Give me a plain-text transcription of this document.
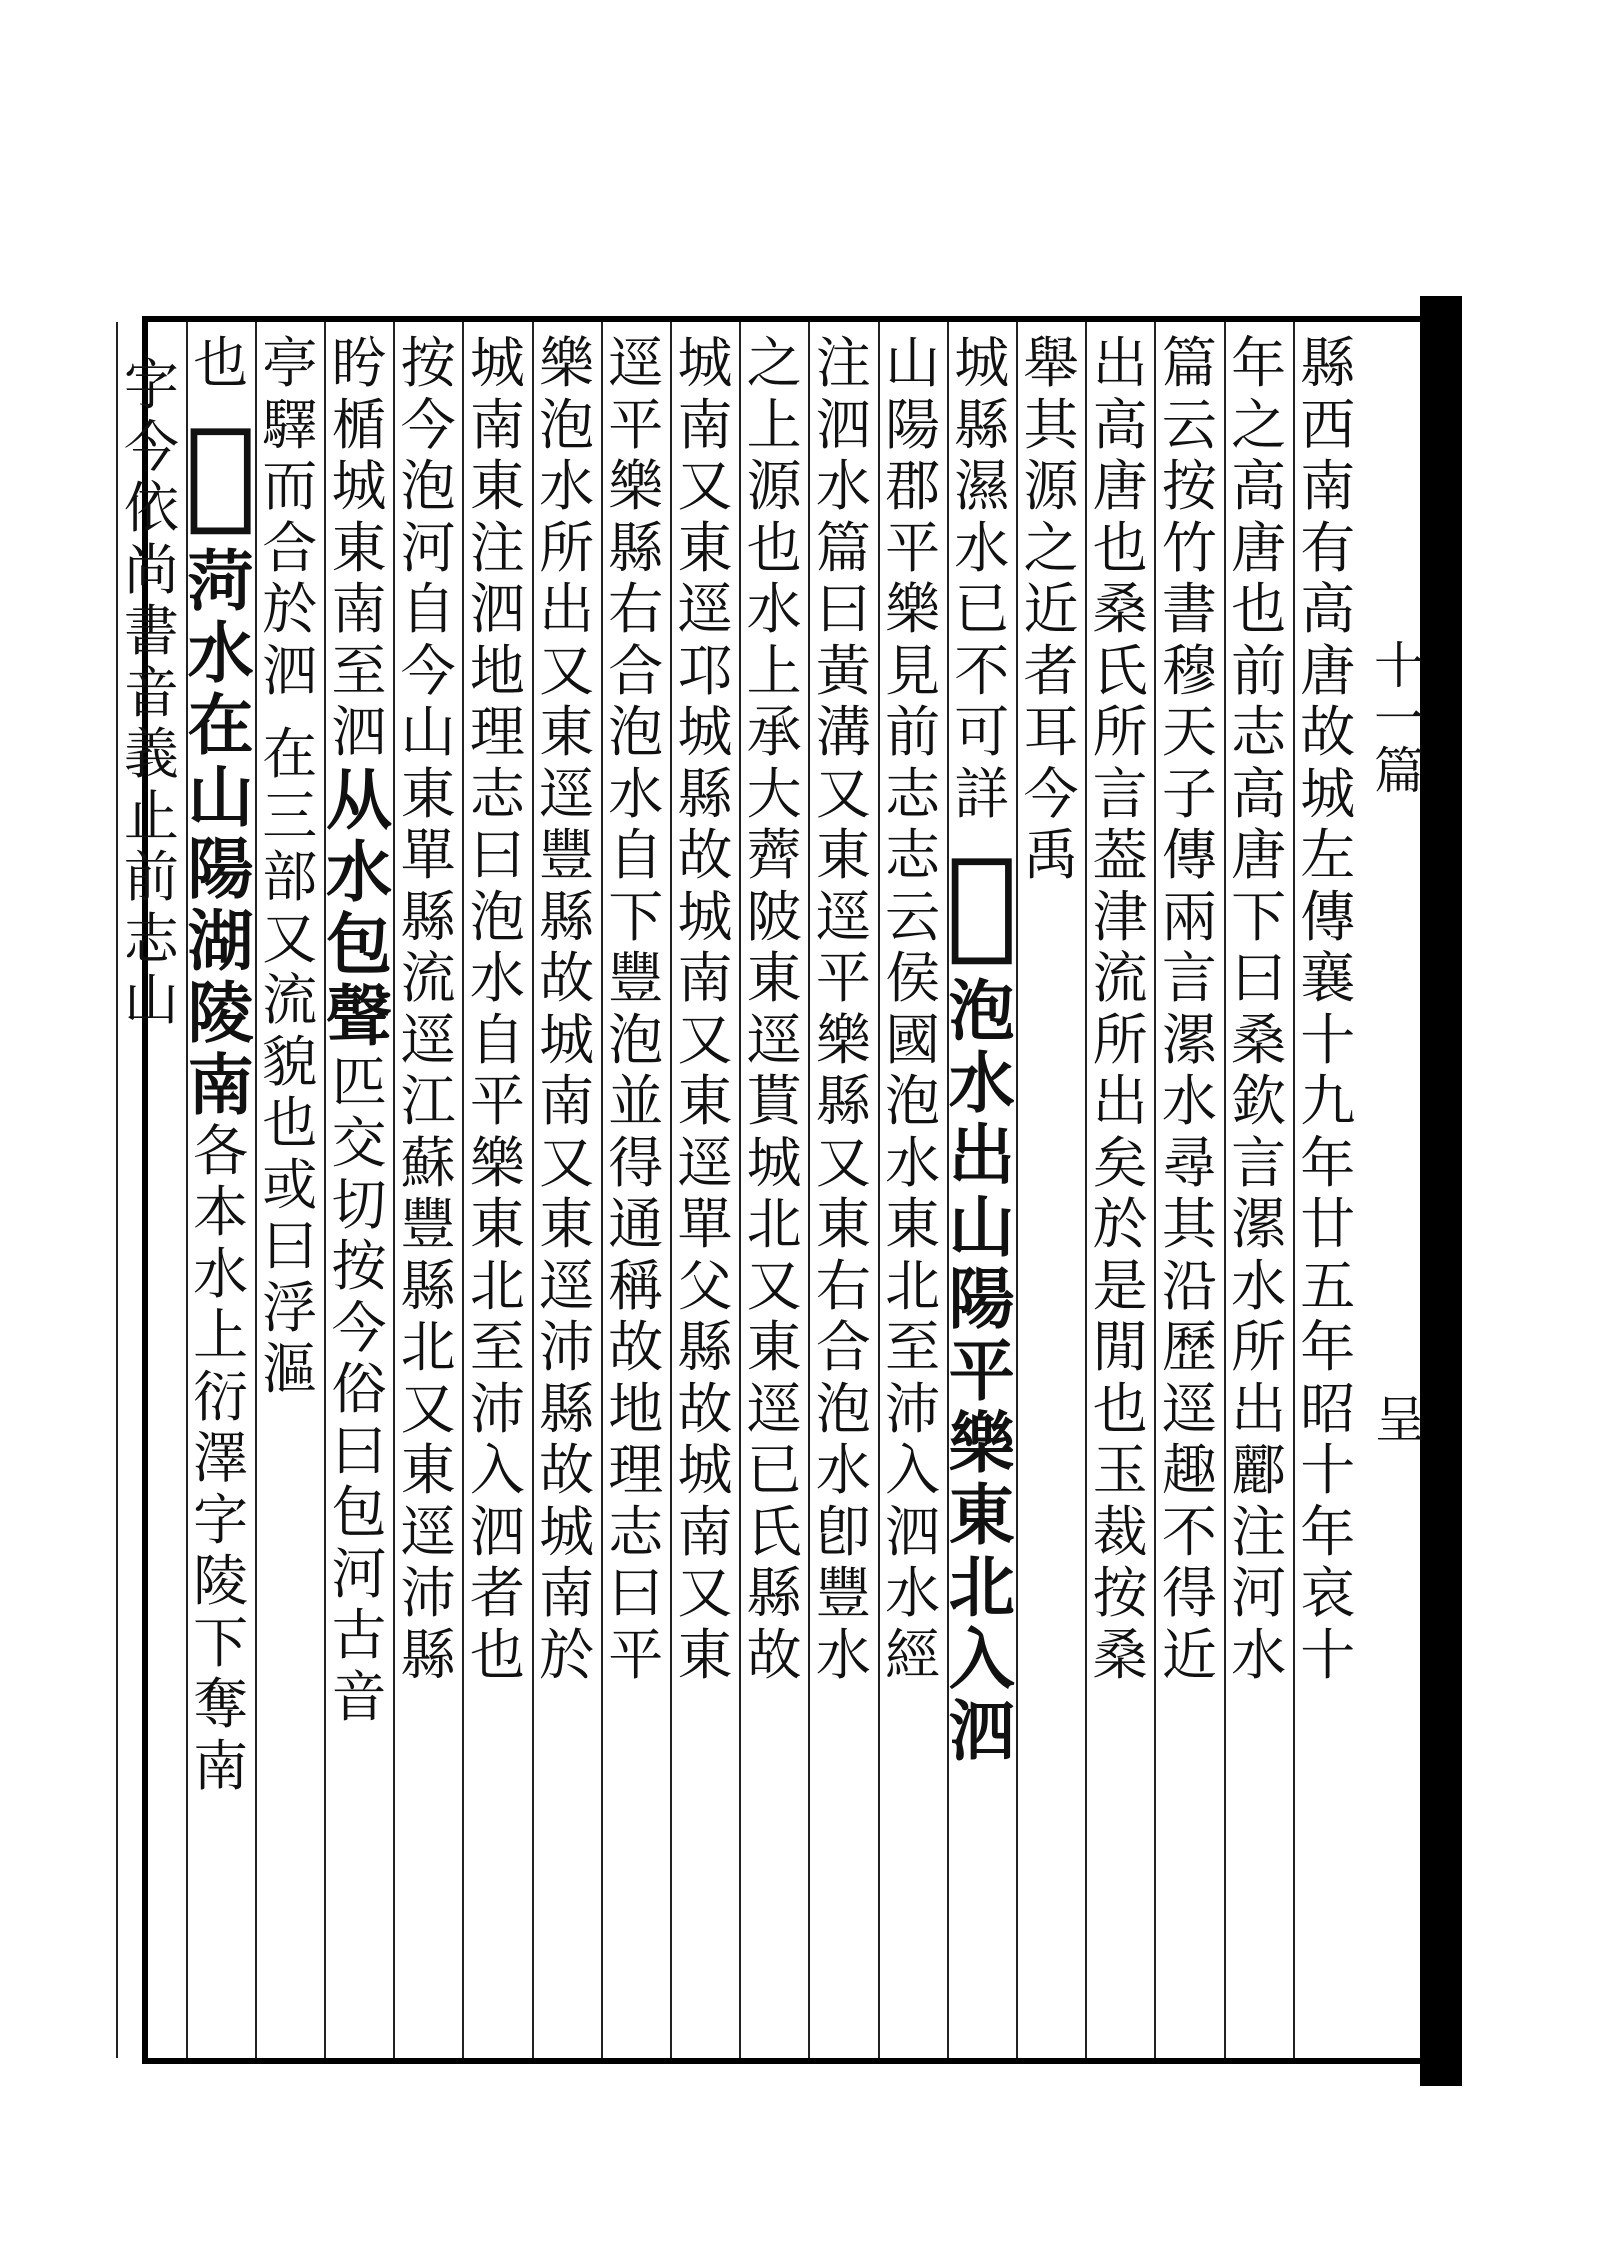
十
一
篇
呈
縣
西
南
有
高
唐
故
城
左
傳
襄
十
九
年
廿
五
年
昭
十
年
哀
十
年
之
高
唐
也
前
志
高
唐
下
曰
桑
欽
言
漯
水
所
出
酈
注
河
水
篇
云
按
竹
書
穆
天
子
傳
兩
言
漯
水
尋
其
沿
歷
逕
趣
不
得
近
出
高
唐
也
桑
氏
所
言
葢
津
流
所
出
矣
於
是
閒
也
玉
裁
按
桑
舉
其
源
之
近
者
耳
今
禹
城
縣
濕
水
已
不
可
詳
𣲖
泡
水
出
山
陽
平
樂
東
北
入
泗
山
陽
郡
平
樂
見
前
志
志
云
侯
國
泡
水
東
北
至
沛
入
泗
水
經
注
泗
水
篇
曰
黃
溝
又
東
逕
平
樂
縣
又
東
右
合
泡
水
卽
豐
水
之
上
源
也
水
上
承
大
薺
陂
東
逕
貰
城
北
又
東
逕
已
氏
縣
故
城
南
又
東
逕
邛
城
縣
故
城
南
又
東
逕
單
父
縣
故
城
南
又
東
逕
平
樂
縣
右
合
泡
水
自
下
豐
泡
並
得
通
稱
故
地
理
志
曰
平
樂
泡
水
所
出
又
東
逕
豐
縣
故
城
南
又
東
逕
沛
縣
故
城
南
於
城
南
東
注
泗
地
理
志
曰
泡
水
自
平
樂
東
北
至
沛
入
泗
者
也
按
今
泡
河
自
今
山
東
單
縣
流
逕
江
蘇
豐
縣
北
又
東
逕
沛
縣
盻
楯
城
東
南
至
泗
从
水
包
聲
匹
交
切
按
今
俗
曰
包
河
古
音
亭
驛
而
合
於
泗
在
三
部
又
流
貌
也
或
曰
浮
漚
也
𣷄
菏
水
在
山
陽
湖
陵
南
各
本
水
上
衍
澤
字
陵
下
奪
南
字
今
依
尚
書
音
義
止
前
志
山
